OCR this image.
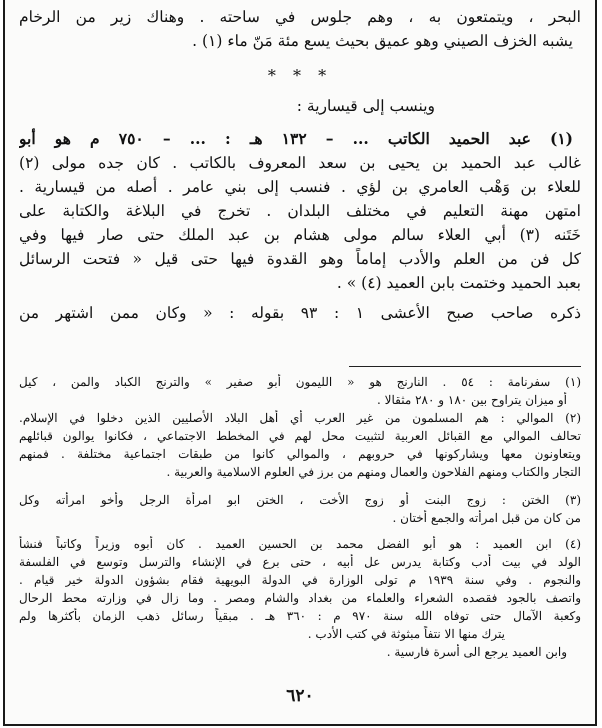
البحر ، ويتمتعون به ، وهم جلوس في ساحته . وهناك زير من الرخام
يشبه الخزف الصيني وهو عميق بحيث يسع مئة مَنّ ماء (١) .
* * *
وينسب إلى قيسارية :
(١) عبد الحميد الكاتب ... – ١٣٢ هـ : ... – ٧٥٠ م هو أبو
غالب عبد الحميد بن يحيى بن سعد المعروف بالكاتب . كان جده مولى (٢)
للعلاء بن وَهْب العامري بن لؤي . فنسب إلى بني عامر . أصله من قيسارية .
امتهن مهنة التعليم في مختلف البلدان . تخرج في البلاغة والكتابة على
خَتَنه (٣) أبي العلاء سالم مولى هشام بن عبد الملك حتى صار فيها وفي
كل فن من العلم والأدب إماماً وهو القدوة فيها حتى قيل « فتحت الرسائل
بعبد الحميد وختمت بابن العميد (٤) » .
ذكره صاحب صبح الأعشى ١ : ٩٣ بقوله : « وكان ممن اشتهر من
(١) سفرنامة : ٥٤ . النارنج هو « الليمون أبو صفير » والترنج الكباد والمن ، كيل
أو ميزان يتراوح بين ١٨٠ و ٢٨٠ مثقالا .
(٢) الموالي : هم المسلمون من غير العرب أي أهل البلاد الأصليين الذين دخلوا في الإسلام.
تحالف الموالي مع القبائل العربية لتثبيت محل لهم في المخطط الاجتماعي ، فكانوا يوالون قبائلهم
ويتعاونون معها ويشاركونها في حروبهم ، والموالي كانوا من طبقات اجتماعية مختلفة . فمنهم
التجار والكتاب ومنهم الفلاحون والعمال ومنهم من برز في العلوم الاسلامية والعربية .
(٣) الختن : زوج البنت أو زوج الأخت ، الختن ابو امرأة الرجل وأخو امرأته وكل
من كان من قبل امرأته والجمع أختان .
(٤) ابن العميد : هو أبو الفضل محمد بن الحسين العميد . كان أبوه وزيراً وكاتباً فنشأ
الولد في بيت أدب وكتابة يدرس عل أبيه ، حتى برع في الإنشاء والترسل وتوسع في الفلسفة
والنجوم . وفي سنة ١٩٣٩ م تولى الوزارة في الدولة البويهية فقام بشؤون الدولة خير قيام .
واتصف بالجود فقصده الشعراء والعلماء من بغداد والشام ومصر . وما زال في وزارته محط الرحال
وكعبة الآمال حتى توفاه الله سنة ٩٧٠ م : ٣٦٠ هـ . مبقياً رسائل ذهب الزمان بأكثرها ولم
يترك منها الا نتفاً مبثوثة في كتب الأدب .
وابن العميد يرجع الى أسرة فارسية .
٦٢٠
